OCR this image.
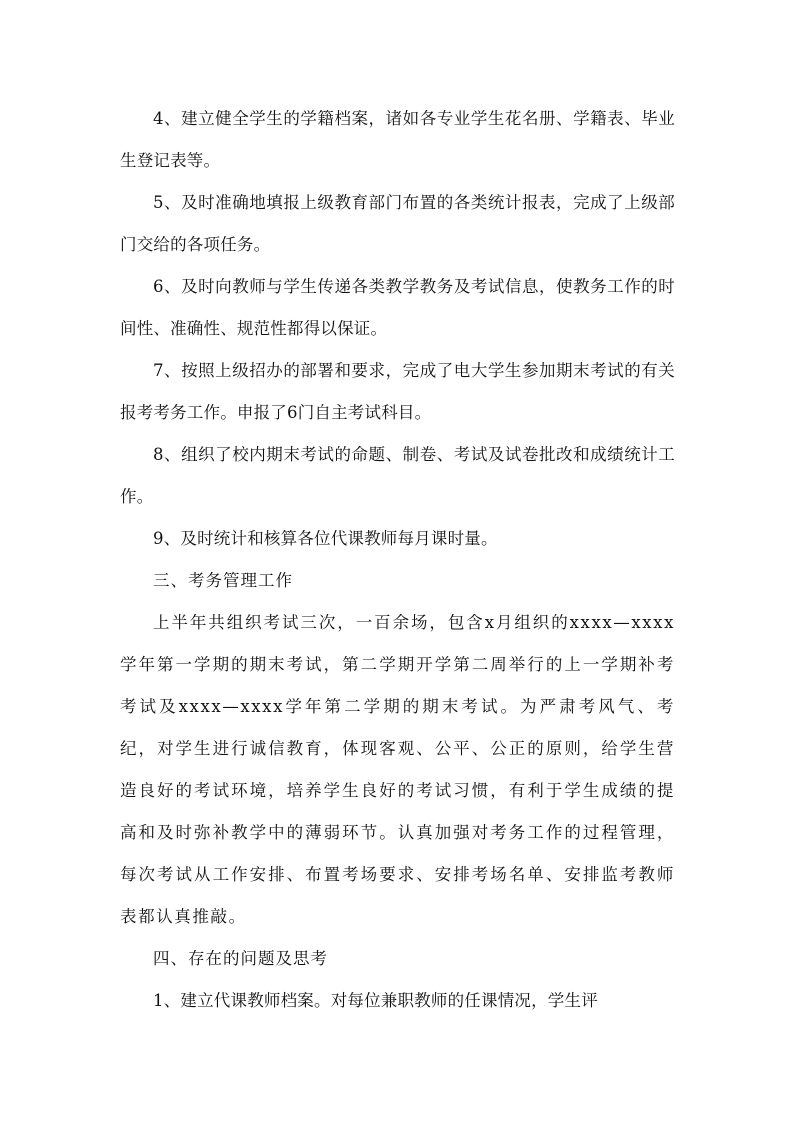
4、建立健全学生的学籍档案，诸如各专业学生花名册、学籍表、毕业生登记表等。

5、及时准确地填报上级教育部门布置的各类统计报表，完成了上级部门交给的各项任务。

6、及时向教师与学生传递各类教学教务及考试信息，使教务工作的时间性、准确性、规范性都得以保证。

7、按照上级招办的部署和要求，完成了电大学生参加期末考试的有关报考考务工作。申报了6门自主考试科目。

8、组织了校内期末考试的命题、制卷、考试及试卷批改和成绩统计工作。

9、及时统计和核算各位代课教师每月课时量。

三、考务管理工作

上半年共组织考试三次，一百余场，包含x月组织的xxxx—xxxx学年第一学期的期末考试，第二学期开学第二周举行的上一学期补考考试及xxxx—xxxx学年第二学期的期末考试。为严肃考风气、考纪，对学生进行诚信教育，体现客观、公平、公正的原则，给学生营造良好的考试环境，培养学生良好的考试习惯，有利于学生成绩的提高和及时弥补教学中的薄弱环节。认真加强对考务工作的过程管理，每次考试从工作安排、布置考场要求、安排考场名单、安排监考教师表都认真推敲。

四、存在的问题及思考

1、建立代课教师档案。对每位兼职教师的任课情况，学生评
